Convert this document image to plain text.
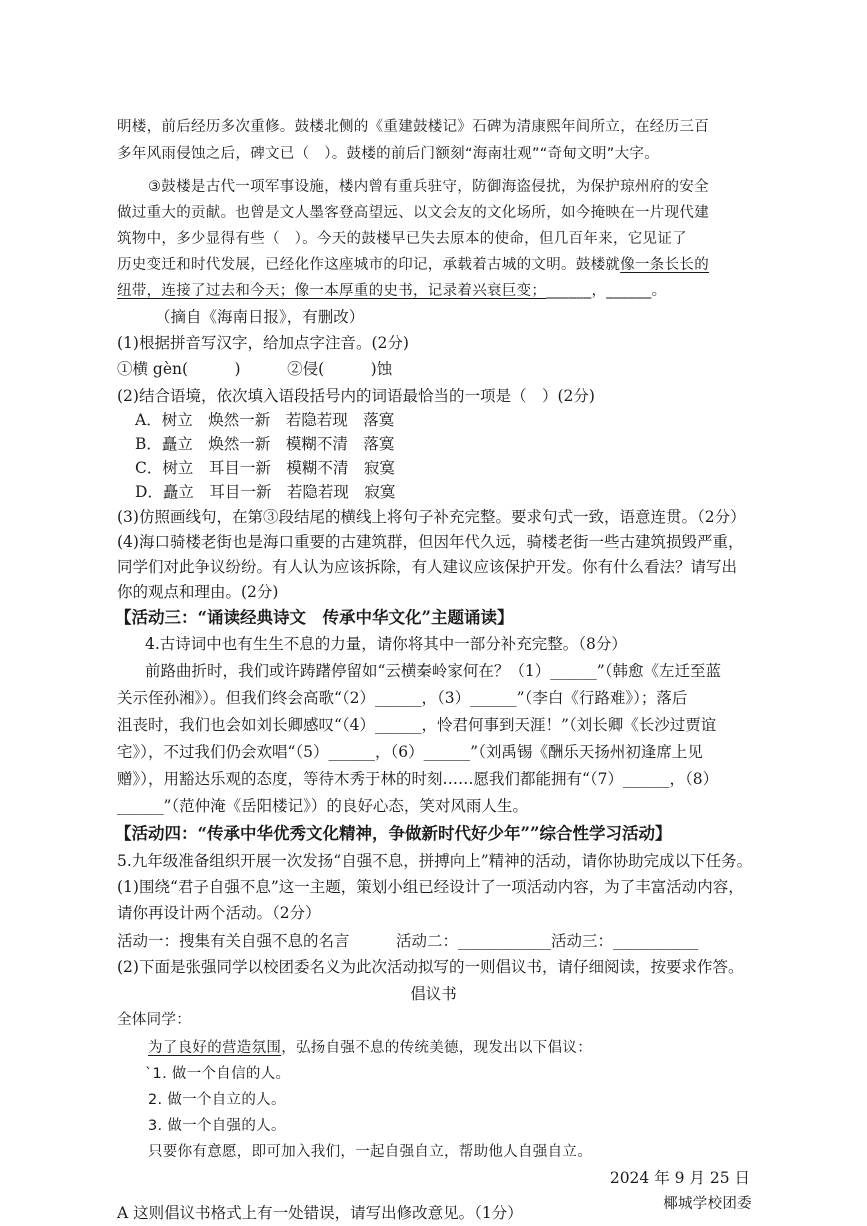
明楼，前后经历多次重修。鼓楼北侧的《重建鼓楼记》石碑为清康熙年间所立，在经历三百
多年风雨侵蚀之后，碑文已（　）。鼓楼的前后门额刻“海南壮观”“奇甸文明”大字。
③鼓楼是古代一项军事设施，楼内曾有重兵驻守，防御海盗侵扰，为保护琼州府的安全
做过重大的贡献。也曾是文人墨客登高望远、以文会友的文化场所，如今掩映在一片现代建
筑物中，多少显得有些（　）。今天的鼓楼早已失去原本的使命，但几百年来，它见证了
历史变迁和时代发展，已经化作这座城市的印记，承载着古城的文明。鼓楼就像一条长长的
纽带，连接了过去和今天；像一本厚重的史书，记录着兴衰巨变；______，______。
（摘自《海南日报》，有删改）
(1)根据拼音写汉字，给加点字注音。(2分)
①横 gèn(　　　)　　　②侵(　　　)蚀
(2)结合语境，依次填入语段括号内的词语最恰当的一项是（　）(2分)
A．树立　焕然一新　若隐若现　落寞
B．矗立　焕然一新　模糊不清　落寞
C．树立　耳目一新　模糊不清　寂寞
D．矗立　耳目一新　若隐若现　寂寞
(3)仿照画线句，在第③段结尾的横线上将句子补充完整。要求句式一致，语意连贯。（2分）
(4)海口骑楼老街也是海口重要的古建筑群，但因年代久远，骑楼老街一些古建筑损毁严重，
同学们对此争议纷纷。有人认为应该拆除，有人建议应该保护开发。你有什么看法？请写出
你的观点和理由。(2分)
【活动三：“诵读经典诗文　传承中华文化”主题诵读】
4.古诗词中也有生生不息的力量，请你将其中一部分补充完整。（8分）
前路曲折时，我们或许踌躇停留如“云横秦岭家何在？（1）______”（韩愈《左迁至蓝
关示侄孙湘》）。但我们终会高歌“（2）______，（3）______”（李白《行路难》）；落后
沮丧时，我们也会如刘长卿感叹“（4）______，怜君何事到天涯！”（刘长卿《长沙过贾谊
宅》），不过我们仍会欢唱“（5）______，（6）______”（刘禹锡《酬乐天扬州初逢席上见
赠》），用豁达乐观的态度，等待木秀于林的时刻……愿我们都能拥有“（7）______，（8）
______”（范仲淹《岳阳楼记》）的良好心态，笑对风雨人生。
【活动四：“传承中华优秀文化精神，争做新时代好少年””综合性学习活动】
5.九年级准备组织开展一次发扬“自强不息，拼搏向上”精神的活动，请你协助完成以下任务。
(1)围绕“君子自强不息”这一主题，策划小组已经设计了一项活动内容，为了丰富活动内容，
请你再设计两个活动。（2分）
活动一：搜集有关自强不息的名言　　　活动二：____________活动三：___________
(2)下面是张强同学以校团委名义为此次活动拟写的一则倡议书，请仔细阅读，按要求作答。
倡议书
全体同学：
为了良好的营造氛围，弘扬自强不息的传统美德，现发出以下倡议：
`1. 做一个自信的人。
2. 做一个自立的人。
3. 做一个自强的人。
只要你有意愿，即可加入我们，一起自强自立，帮助他人自强自立。
2024 年 9 月 25 日
椰城学校团委
A 这则倡议书格式上有一处错误，请写出修改意见。（1分）
